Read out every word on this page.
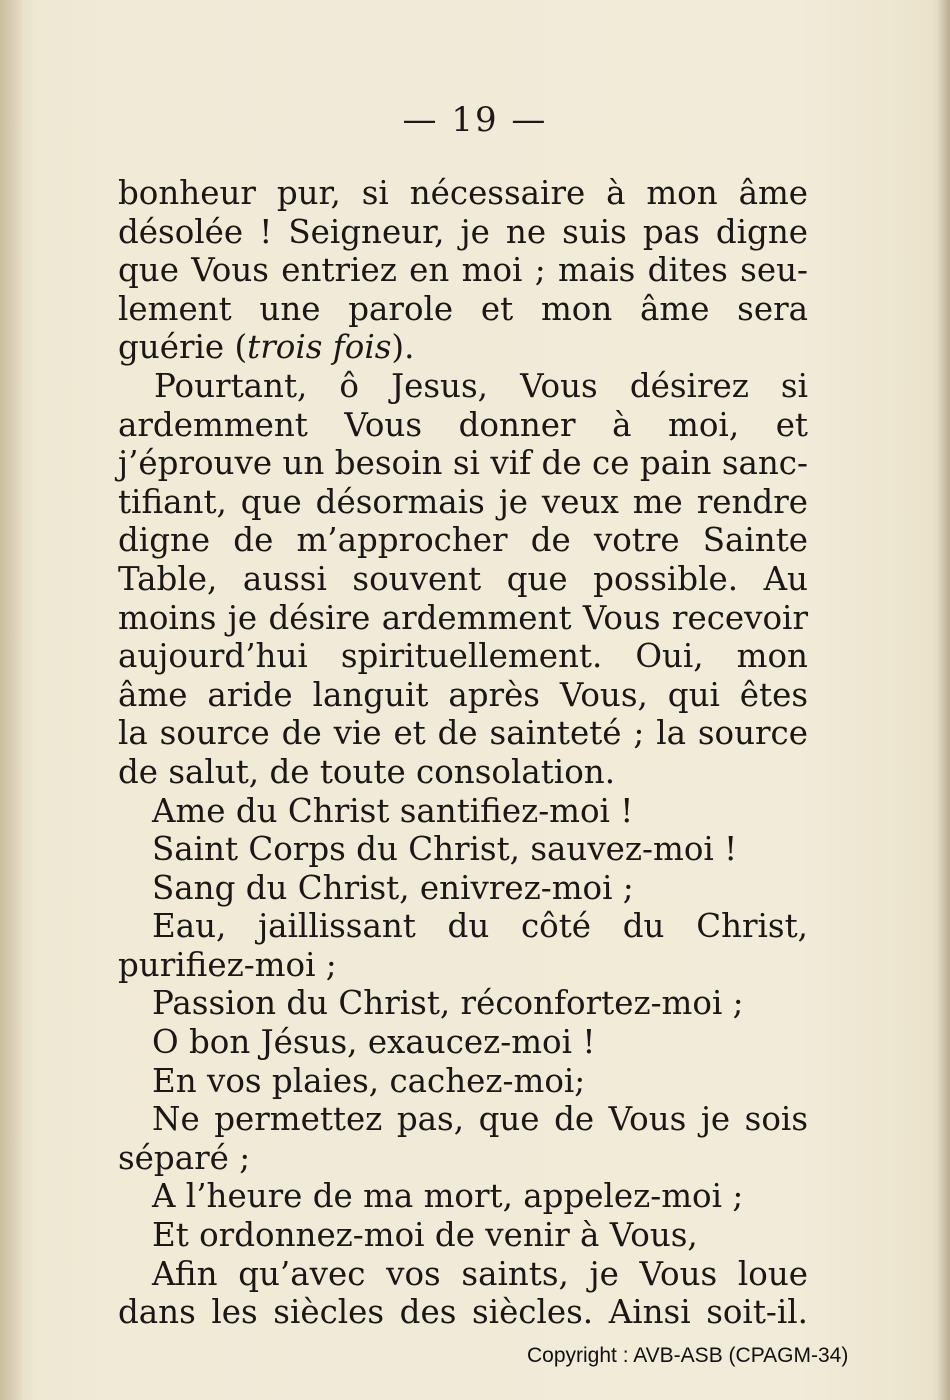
— 19 —
bonheur pur, si nécessaire à mon âme
désolée ! Seigneur, je ne suis pas digne
que Vous entriez en moi ; mais dites seu-
lement une parole et mon âme sera
guérie (trois fois).
Pourtant, ô Jesus, Vous désirez si
ardemment Vous donner à moi, et
j’éprouve un besoin si vif de ce pain sanc-
tifiant, que désormais je veux me rendre
digne de m’approcher de votre Sainte
Table, aussi souvent que possible. Au
moins je désire ardemment Vous recevoir
aujourd’hui spirituellement. Oui, mon
âme aride languit après Vous, qui êtes
la source de vie et de sainteté ; la source
de salut, de toute consolation.
Ame du Christ santifiez-moi !
Saint Corps du Christ, sauvez-moi !
Sang du Christ, enivrez-moi ;
Eau, jaillissant du côté du Christ,
purifiez-moi ;
Passion du Christ, réconfortez-moi ;
O bon Jésus, exaucez-moi !
En vos plaies, cachez-moi;
Ne permettez pas, que de Vous je sois
séparé ;
A l’heure de ma mort, appelez-moi ;
Et ordonnez-moi de venir à Vous,
Afin qu’avec vos saints, je Vous loue
dans les siècles des siècles. Ainsi soit-il.
Copyright : AVB-ASB (CPAGM-34)
